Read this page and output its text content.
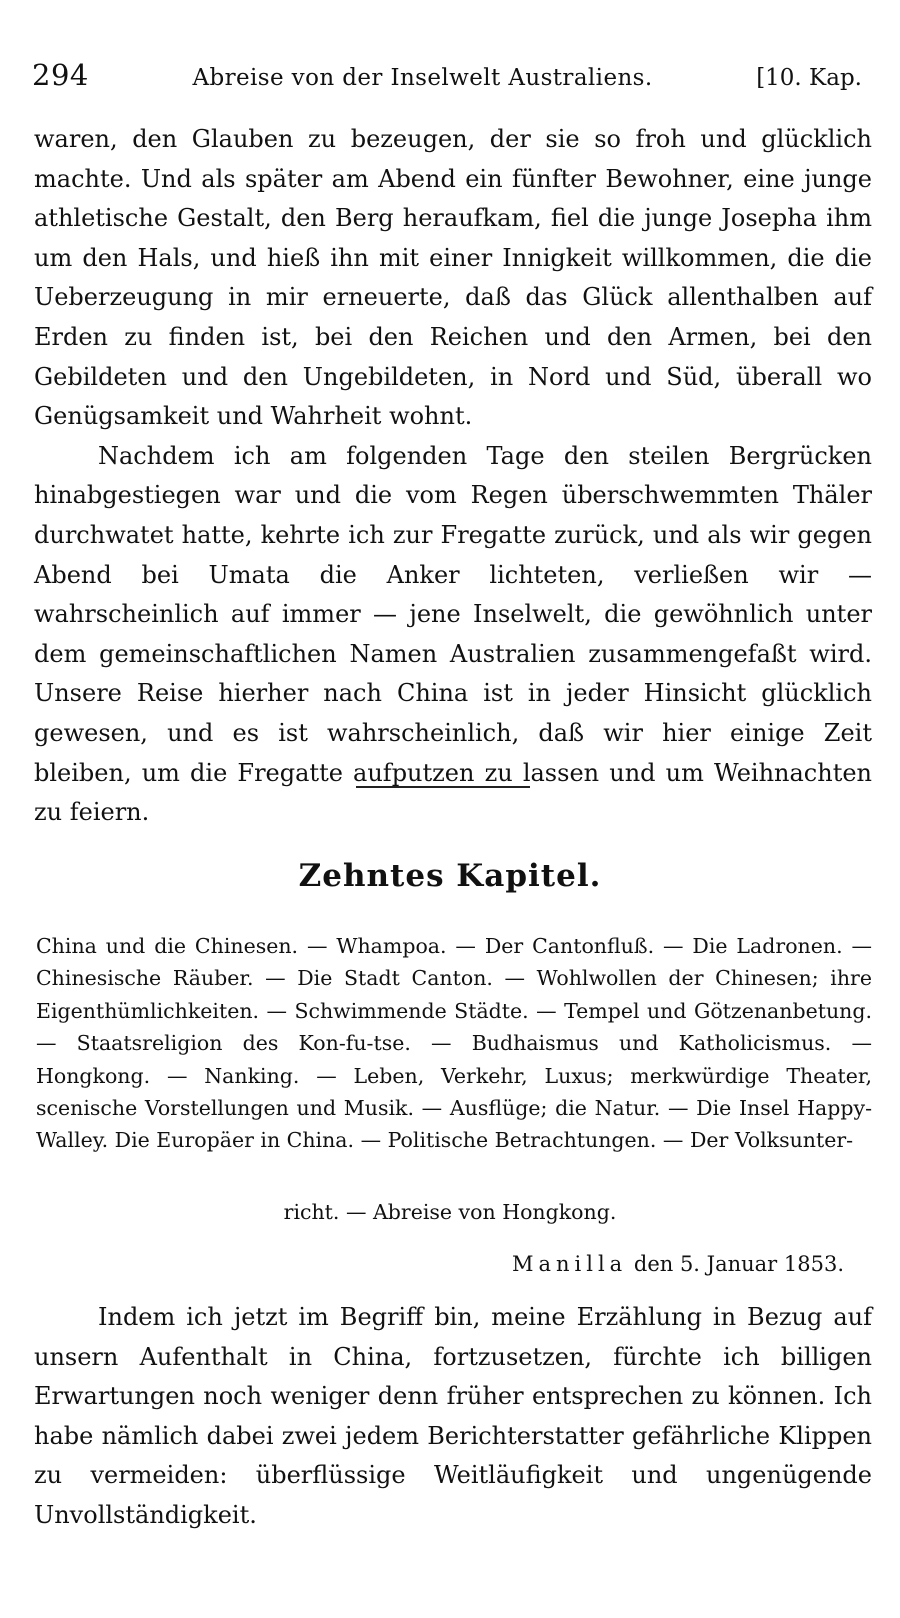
294	Abreise von der Inselwelt Australiens.	[10. Kap.

waren, den Glauben zu bezeugen, der sie so froh und glücklich machte. Und als später am Abend ein fünfter Bewohner, eine junge athletische Gestalt, den Berg heraufkam, fiel die junge Josepha ihm um den Hals, und hieß ihn mit einer Innigkeit willkommen, die die Ueberzeugung in mir erneuerte, daß das Glück allenthalben auf Erden zu finden ist, bei den Reichen und den Armen, bei den Gebildeten und den Ungebildeten, in Nord und Süd, überall wo Genügsamkeit und Wahrheit wohnt.

Nachdem ich am folgenden Tage den steilen Bergrücken hinabgestiegen war und die vom Regen überschwemmten Thäler durchwatet hatte, kehrte ich zur Fregatte zurück, und als wir gegen Abend bei Umata die Anker lichteten, verließen wir — wahrscheinlich auf immer — jene Inselwelt, die gewöhnlich unter dem gemeinschaftlichen Namen Australien zusammengefaßt wird. Unsere Reise hierher nach China ist in jeder Hinsicht glücklich gewesen, und es ist wahrscheinlich, daß wir hier einige Zeit bleiben, um die Fregatte aufputzen zu lassen und um Weihnachten zu feiern.

Zehntes Kapitel.

China und die Chinesen. — Whampoa. — Der Cantonfluß. — Die Ladronen. — Chinesische Räuber. — Die Stadt Canton. — Wohlwollen der Chinesen; ihre Eigenthümlichkeiten. — Schwimmende Städte. — Tempel und Götzenanbetung. — Staatsreligion des Kon-fu-tse. — Budhaismus und Katholicismus. — Hongkong. — Nanking. — Leben, Verkehr, Luxus; merkwürdige Theater, scenische Vorstellungen und Musik. — Ausflüge; die Natur. — Die Insel Happy-Walley. Die Europäer in China. — Politische Betrachtungen. — Der Volksunter-

richt. — Abreise von Hongkong.
Manilla den 5. Januar 1853.

Indem ich jetzt im Begriff bin, meine Erzählung in Bezug auf unsern Aufenthalt in China, fortzusetzen, fürchte ich billigen Erwartungen noch weniger denn früher entsprechen zu können. Ich habe nämlich dabei zwei jedem Berichterstatter gefährliche Klippen zu vermeiden: überflüssige Weitläufigkeit und ungenügende Unvollständigkeit.
